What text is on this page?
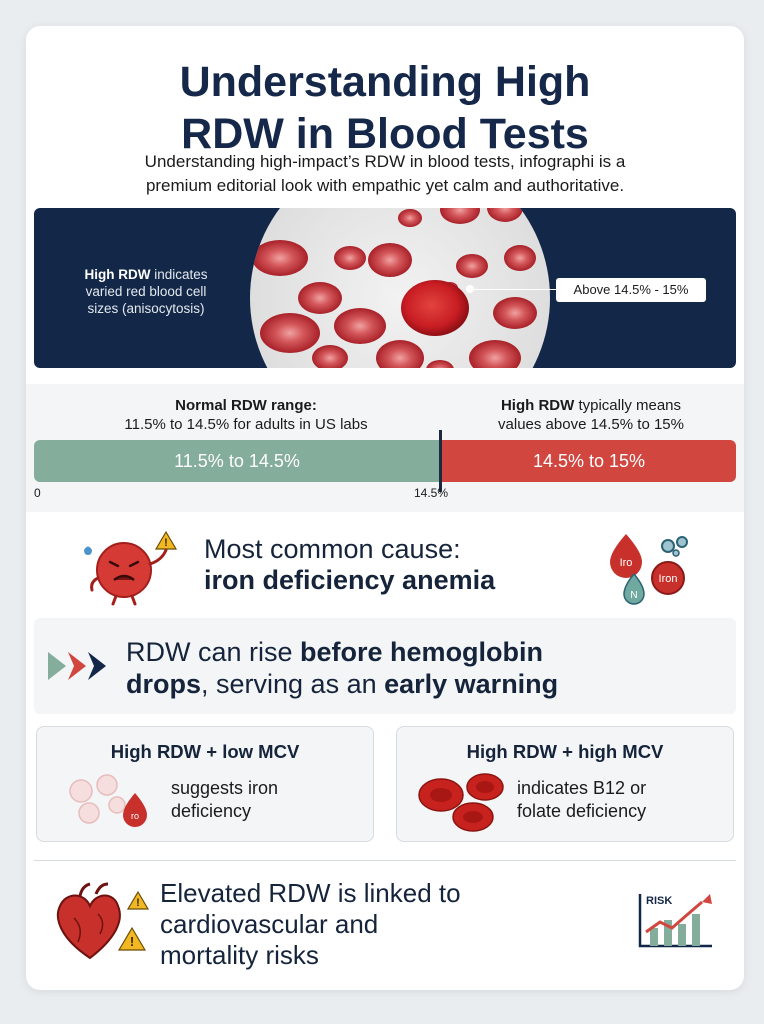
Understanding High
RDW in Blood Tests
Understanding high-impact’s RDW in blood tests, infographi is a
premium editorial look with empathic yet calm and authoritative.
High RDW indicates
varied red blood cell
sizes (anisocytosis)
Above 14.5% - 15%
Normal RDW range:
11.5% to 14.5% for adults in US labs
High RDW typically means
values above 14.5% to 15%
11.5% to 14.5%	14.5% to 15%
0	14.5%
! Most common cause:
iron deficiency anemia
Iro
Iron
N
RDW can rise before hemoglobin
drops, serving as an early warning
High RDW + low MCV
ro
suggests iron
deficiency
High RDW + high MCV
indicates B12 or
folate deficiency
!
!
Elevated RDW is linked to
cardiovascular and
mortality risks
RISK
